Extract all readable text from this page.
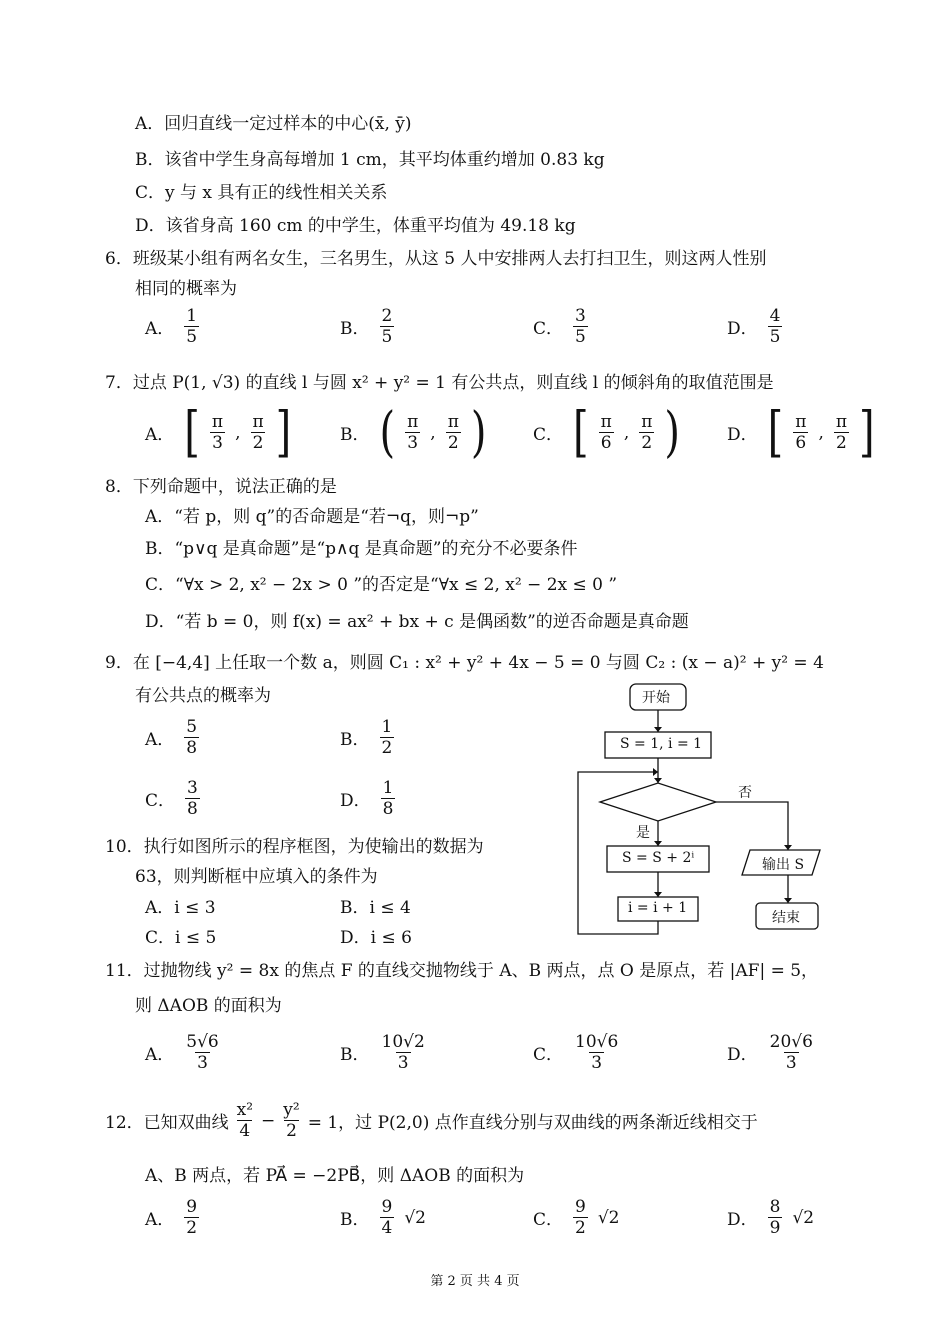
A．回归直线一定过样本的中心(x̄, ȳ)
B．该省中学生身高每增加 1 cm，其平均体重约增加 0.83 kg
C．y 与 x 具有正的线性相关关系
D．该省身高 160 cm 的中学生，体重平均值为 49.18 kg
6．班级某小组有两名女生，三名男生，从这 5 人中安排两人去打扫卫生，则这两人性别
相同的概率为
A． $\frac{1}{5}$	B． $\frac{2}{5}$	C． $\frac{3}{5}$	D． $\frac{4}{5}$
7．过点 P(1, √3) 的直线 l 与圆 x² + y² = 1 有公共点，则直线 l 的倾斜角的取值范围是
A． [ $\frac{\pi}{3}$ , $\frac{\pi}{2}$ ]	B． ( $\frac{\pi}{3}$ , $\frac{\pi}{2}$ )	C． [ $\frac{\pi}{6}$ , $\frac{\pi}{2}$ )	D． [ $\frac{\pi}{6}$ , $\frac{\pi}{2}$ ]
8．下列命题中，说法正确的是
A．“若 p，则 q”的否命题是“若¬q，则¬p”
B．“p∨q 是真命题”是“p∧q 是真命题”的充分不必要条件
C．“∀x > 2, x² − 2x > 0 ”的否定是“∀x ≤ 2, x² − 2x ≤ 0 ”
D．“若 b = 0，则 f(x) = ax² + bx + c 是偶函数”的逆否命题是真命题
9．在 [−4,4] 上任取一个数 a，则圆 C₁ : x² + y² + 4x − 5 = 0 与圆 C₂ : (x − a)² + y² = 4
有公共点的概率为
A． $\frac{5}{8}$	B． $\frac{1}{2}$
C． $\frac{3}{8}$	D． $\frac{1}{8}$
10．执行如图所示的程序框图，为使输出的数据为
63，则判断框中应填入的条件为
A．i ≤ 3	B．i ≤ 4
C．i ≤ 5	D．i ≤ 6
开始
S = 1, i = 1
否
是
S = S + 2ⁱ	输出 S
i = i + 1
结束
11．过抛物线 y² = 8x 的焦点 F 的直线交抛物线于 A、B 两点，点 O 是原点，若 |AF| = 5，
则 ΔAOB 的面积为
A． $\frac{5√6}{3}$	B． $\frac{10√2}{3}$	C． $\frac{10√6}{3}$	D． $\frac{20√6}{3}$
12．已知双曲线 $\frac{\text{x²}}{4} - \frac{\text{y²}}{2} = 1$，过 P(2,0) 点作直线分别与双曲线的两条渐近线相交于
A、B 两点，若 PA⃗ = −2PB⃗，则 ΔAOB 的面积为
A． $\frac{9}{2}$	B． $\frac{9}{4} √2$	C． $\frac{9}{2} √2$	D． $\frac{8}{9} √2$
第 2 页 共 4 页
